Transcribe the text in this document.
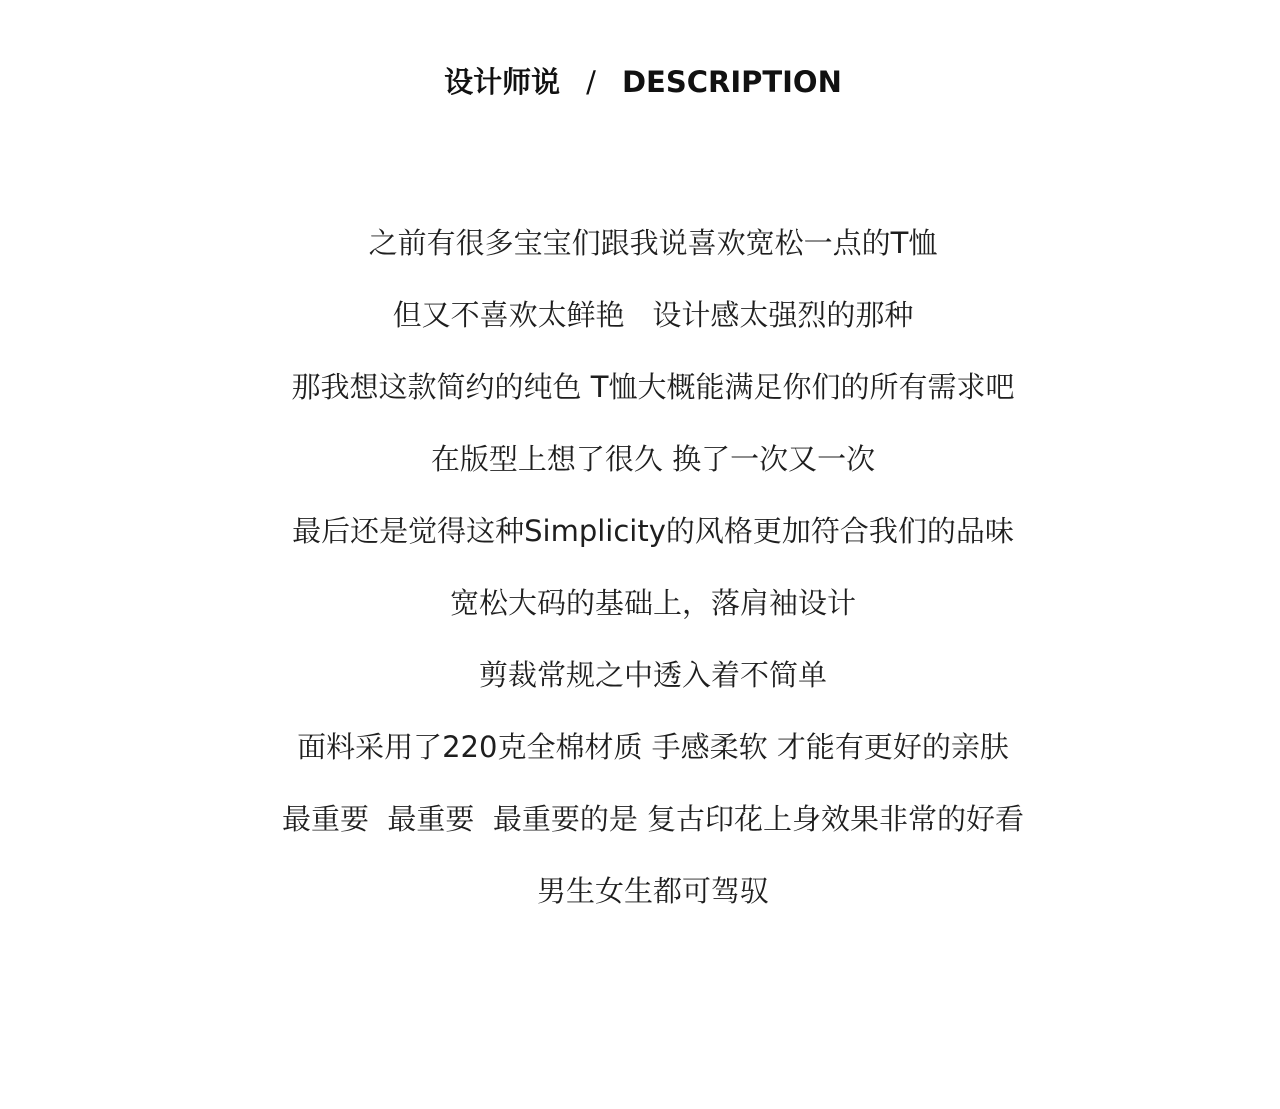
设计师说 / DESCRIPTION
之前有很多宝宝们跟我说喜欢宽松一点的T恤
但又不喜欢太鲜艳   设计感太强烈的那种
那我想这款简约的纯色 T恤大概能满足你们的所有需求吧
在版型上想了很久 换了一次又一次
最后还是觉得这种Simplicity的风格更加符合我们的品味
宽松大码的基础上，落肩袖设计
剪裁常规之中透入着不简单
面料采用了220克全棉材质 手感柔软 才能有更好的亲肤
最重要  最重要  最重要的是 复古印花上身效果非常的好看
男生女生都可驾驭
